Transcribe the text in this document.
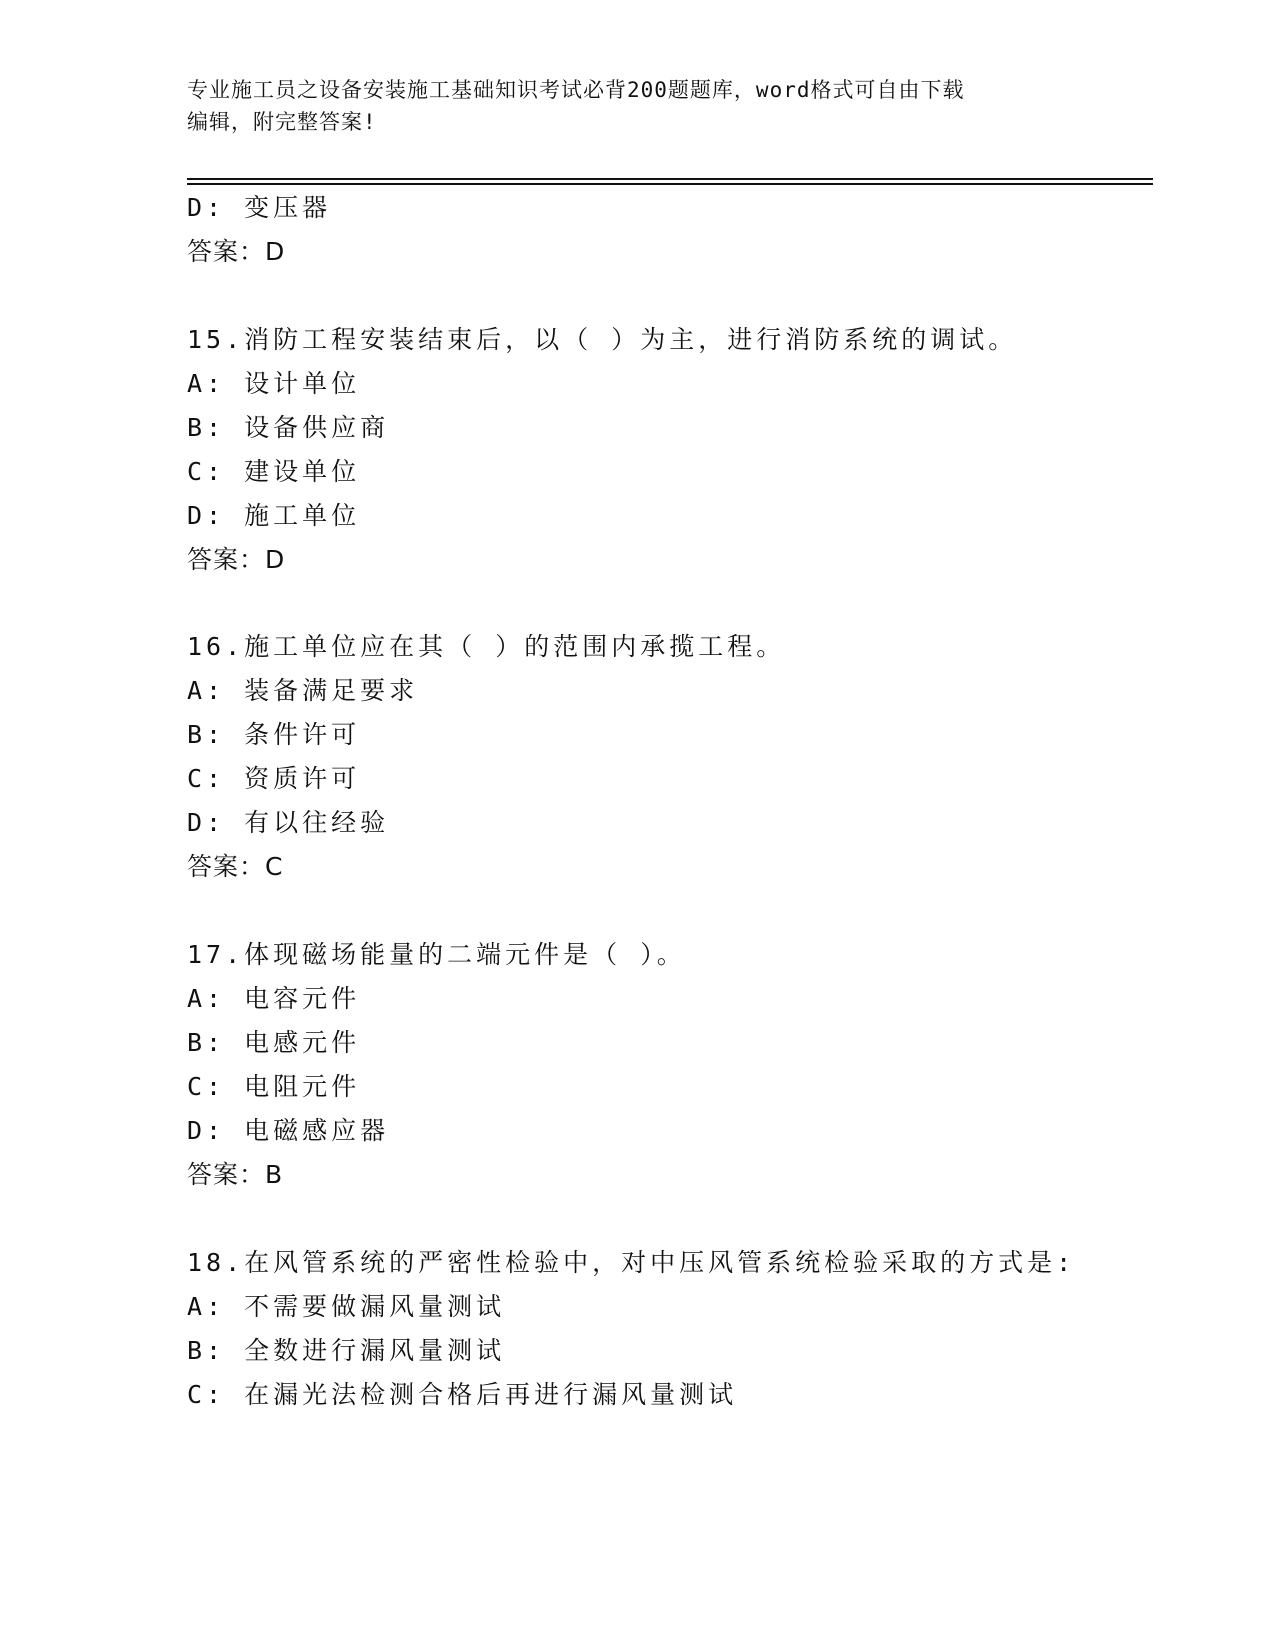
专业施工员之设备安装施工基础知识考试必背200题题库，word格式可自由下载
编辑，附完整答案!
D: 变压器
答案：D
15.消防工程安装结束后，以（ ）为主，进行消防系统的调试。
A: 设计单位
B: 设备供应商
C: 建设单位
D: 施工单位
答案：D
16.施工单位应在其（ ）的范围内承揽工程。
A: 装备满足要求
B: 条件许可
C: 资质许可
D: 有以往经验
答案：C
17.体现磁场能量的二端元件是（ ）。
A: 电容元件
B: 电感元件
C: 电阻元件
D: 电磁感应器
答案：B
18.在风管系统的严密性检验中，对中压风管系统检验采取的方式是:
A: 不需要做漏风量测试
B: 全数进行漏风量测试
C: 在漏光法检测合格后再进行漏风量测试
